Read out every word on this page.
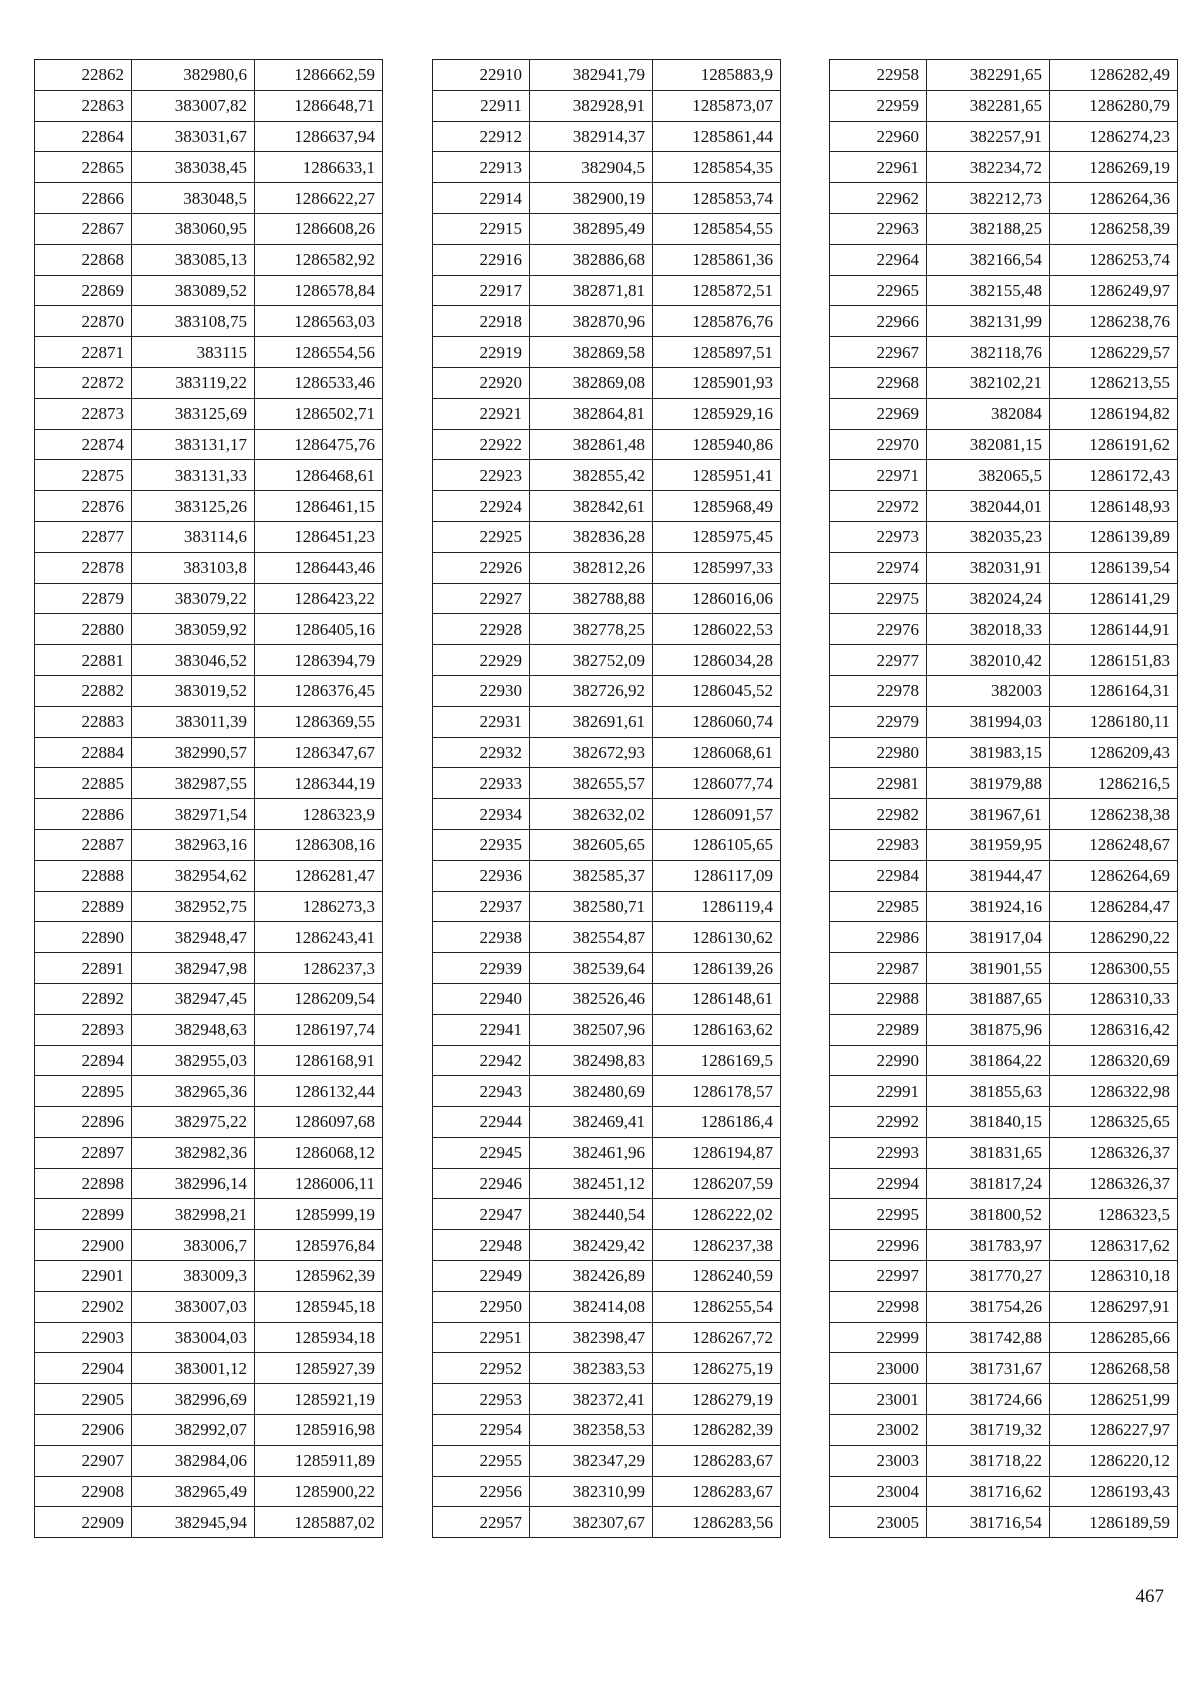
22862	382980,6	1286662,59
22863	383007,82	1286648,71
22864	383031,67	1286637,94
22865	383038,45	1286633,1
22866	383048,5	1286622,27
22867	383060,95	1286608,26
22868	383085,13	1286582,92
22869	383089,52	1286578,84
22870	383108,75	1286563,03
22871	383115	1286554,56
22872	383119,22	1286533,46
22873	383125,69	1286502,71
22874	383131,17	1286475,76
22875	383131,33	1286468,61
22876	383125,26	1286461,15
22877	383114,6	1286451,23
22878	383103,8	1286443,46
22879	383079,22	1286423,22
22880	383059,92	1286405,16
22881	383046,52	1286394,79
22882	383019,52	1286376,45
22883	383011,39	1286369,55
22884	382990,57	1286347,67
22885	382987,55	1286344,19
22886	382971,54	1286323,9
22887	382963,16	1286308,16
22888	382954,62	1286281,47
22889	382952,75	1286273,3
22890	382948,47	1286243,41
22891	382947,98	1286237,3
22892	382947,45	1286209,54
22893	382948,63	1286197,74
22894	382955,03	1286168,91
22895	382965,36	1286132,44
22896	382975,22	1286097,68
22897	382982,36	1286068,12
22898	382996,14	1286006,11
22899	382998,21	1285999,19
22900	383006,7	1285976,84
22901	383009,3	1285962,39
22902	383007,03	1285945,18
22903	383004,03	1285934,18
22904	383001,12	1285927,39
22905	382996,69	1285921,19
22906	382992,07	1285916,98
22907	382984,06	1285911,89
22908	382965,49	1285900,22
22909	382945,94	1285887,02
22910	382941,79	1285883,9
22911	382928,91	1285873,07
22912	382914,37	1285861,44
22913	382904,5	1285854,35
22914	382900,19	1285853,74
22915	382895,49	1285854,55
22916	382886,68	1285861,36
22917	382871,81	1285872,51
22918	382870,96	1285876,76
22919	382869,58	1285897,51
22920	382869,08	1285901,93
22921	382864,81	1285929,16
22922	382861,48	1285940,86
22923	382855,42	1285951,41
22924	382842,61	1285968,49
22925	382836,28	1285975,45
22926	382812,26	1285997,33
22927	382788,88	1286016,06
22928	382778,25	1286022,53
22929	382752,09	1286034,28
22930	382726,92	1286045,52
22931	382691,61	1286060,74
22932	382672,93	1286068,61
22933	382655,57	1286077,74
22934	382632,02	1286091,57
22935	382605,65	1286105,65
22936	382585,37	1286117,09
22937	382580,71	1286119,4
22938	382554,87	1286130,62
22939	382539,64	1286139,26
22940	382526,46	1286148,61
22941	382507,96	1286163,62
22942	382498,83	1286169,5
22943	382480,69	1286178,57
22944	382469,41	1286186,4
22945	382461,96	1286194,87
22946	382451,12	1286207,59
22947	382440,54	1286222,02
22948	382429,42	1286237,38
22949	382426,89	1286240,59
22950	382414,08	1286255,54
22951	382398,47	1286267,72
22952	382383,53	1286275,19
22953	382372,41	1286279,19
22954	382358,53	1286282,39
22955	382347,29	1286283,67
22956	382310,99	1286283,67
22957	382307,67	1286283,56
22958	382291,65	1286282,49
22959	382281,65	1286280,79
22960	382257,91	1286274,23
22961	382234,72	1286269,19
22962	382212,73	1286264,36
22963	382188,25	1286258,39
22964	382166,54	1286253,74
22965	382155,48	1286249,97
22966	382131,99	1286238,76
22967	382118,76	1286229,57
22968	382102,21	1286213,55
22969	382084	1286194,82
22970	382081,15	1286191,62
22971	382065,5	1286172,43
22972	382044,01	1286148,93
22973	382035,23	1286139,89
22974	382031,91	1286139,54
22975	382024,24	1286141,29
22976	382018,33	1286144,91
22977	382010,42	1286151,83
22978	382003	1286164,31
22979	381994,03	1286180,11
22980	381983,15	1286209,43
22981	381979,88	1286216,5
22982	381967,61	1286238,38
22983	381959,95	1286248,67
22984	381944,47	1286264,69
22985	381924,16	1286284,47
22986	381917,04	1286290,22
22987	381901,55	1286300,55
22988	381887,65	1286310,33
22989	381875,96	1286316,42
22990	381864,22	1286320,69
22991	381855,63	1286322,98
22992	381840,15	1286325,65
22993	381831,65	1286326,37
22994	381817,24	1286326,37
22995	381800,52	1286323,5
22996	381783,97	1286317,62
22997	381770,27	1286310,18
22998	381754,26	1286297,91
22999	381742,88	1286285,66
23000	381731,67	1286268,58
23001	381724,66	1286251,99
23002	381719,32	1286227,97
23003	381718,22	1286220,12
23004	381716,62	1286193,43
23005	381716,54	1286189,59
467
